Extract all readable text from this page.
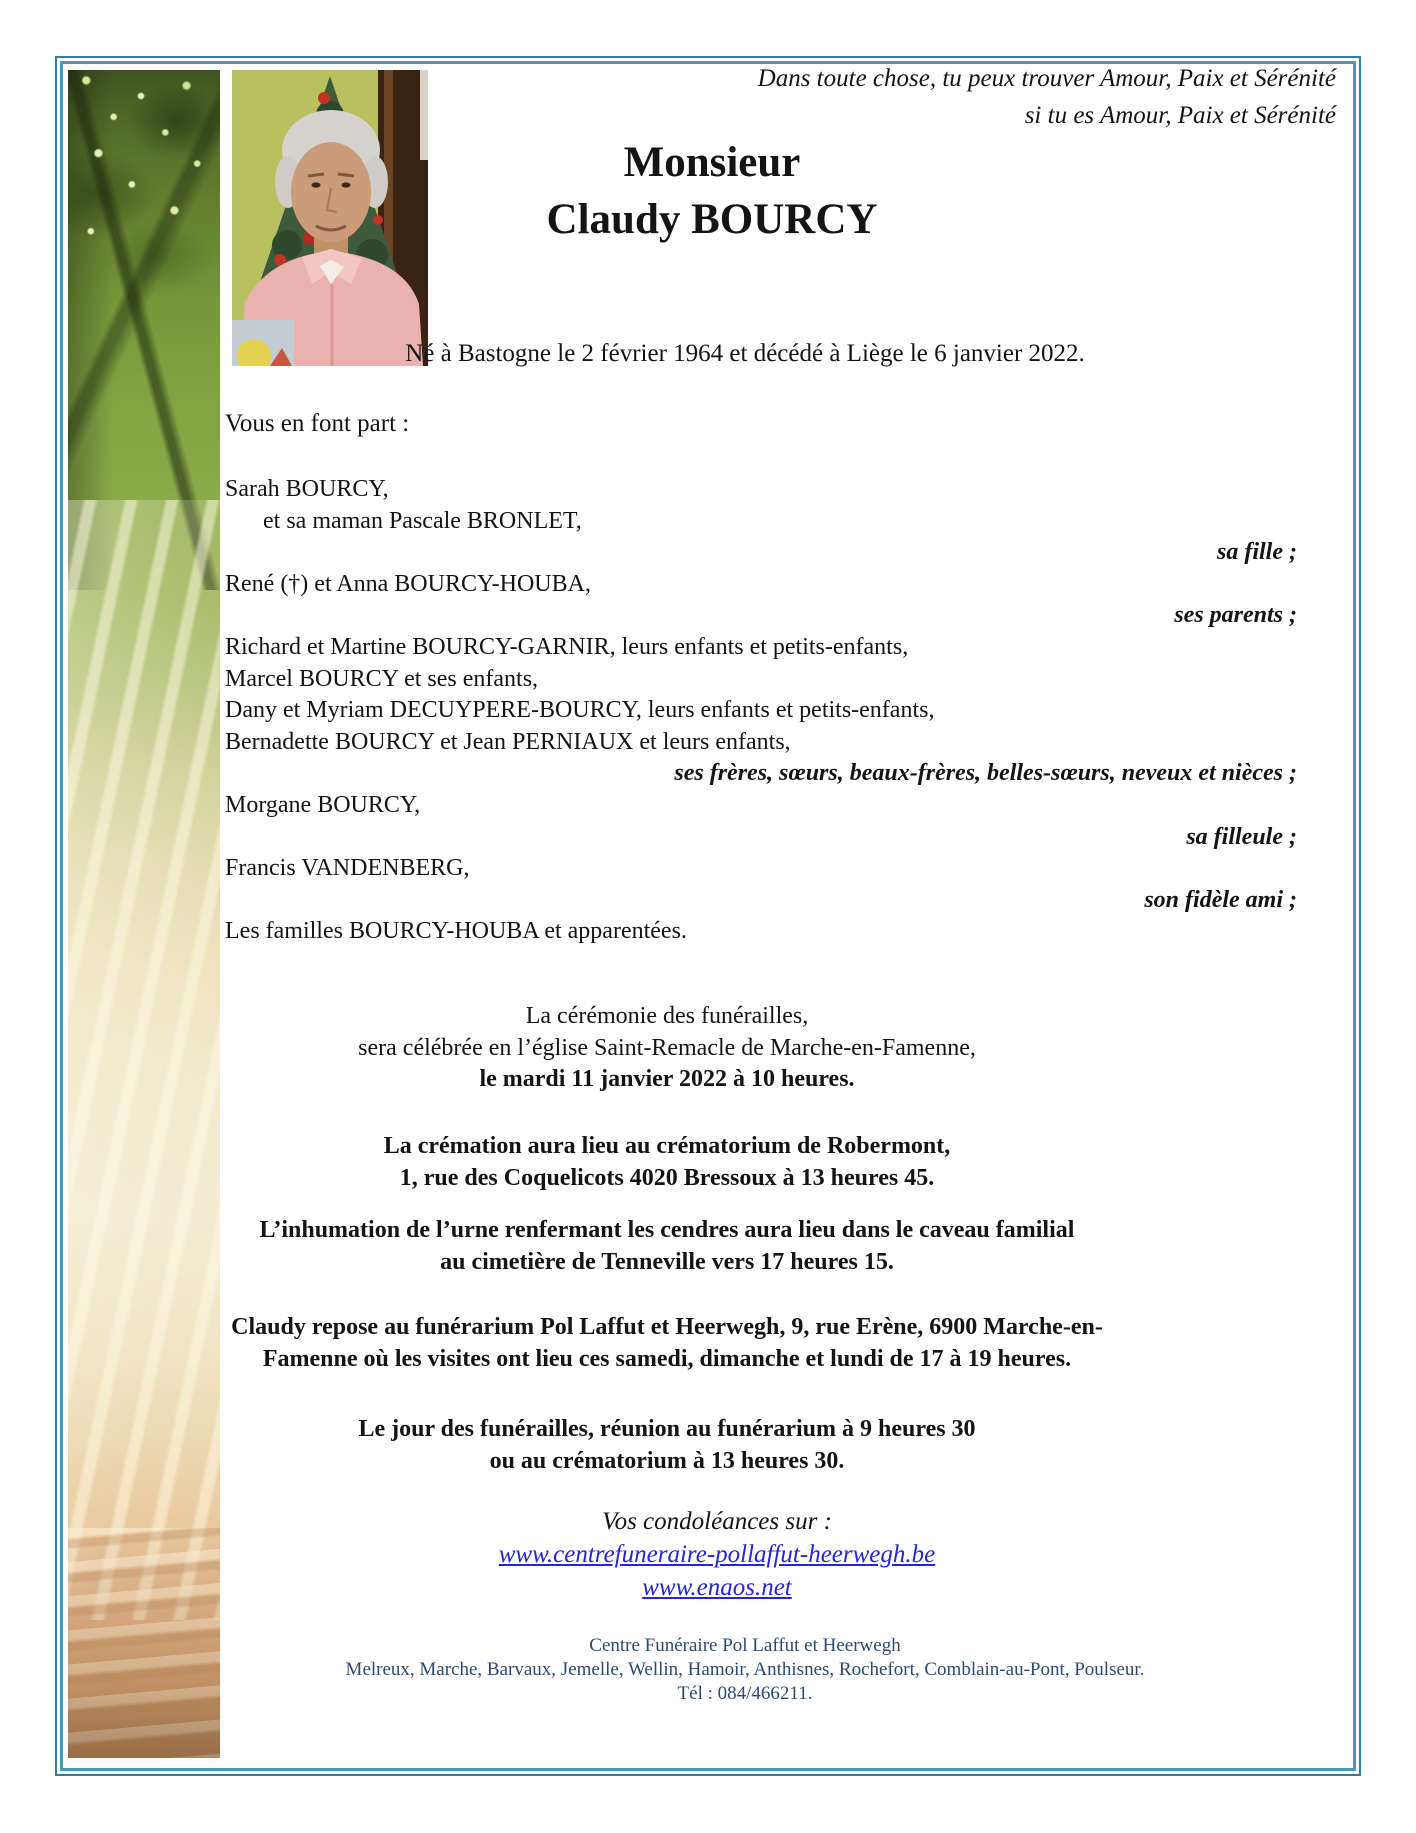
Dans toute chose, tu peux trouver Amour, Paix et Sérénité
si tu es Amour, Paix et Sérénité
Monsieur
Claudy BOURCY
Né à Bastogne le 2 février 1964 et décédé à Liège le 6 janvier 2022.
Vous en font part :
Sarah BOURCY,
et sa maman Pascale BRONLET,
sa fille ;
René (†) et Anna BOURCY-HOUBA,
ses parents ;
Richard et Martine BOURCY-GARNIR, leurs enfants et petits-enfants,
Marcel BOURCY et ses enfants,
Dany et Myriam DECUYPERE-BOURCY, leurs enfants et petits-enfants,
Bernadette BOURCY et Jean PERNIAUX et leurs enfants,
ses frères, sœurs, beaux-frères, belles-sœurs, neveux et nièces ;
Morgane BOURCY,
sa filleule ;
Francis VANDENBERG,
son fidèle ami ;
Les familles BOURCY-HOUBA et apparentées.
La cérémonie des funérailles,
sera célébrée en l’église Saint-Remacle de Marche-en-Famenne,
le mardi 11 janvier 2022 à 10 heures.
La crémation aura lieu au crématorium de Robermont,
1, rue des Coquelicots 4020 Bressoux à 13 heures 45.
L’inhumation de l’urne renfermant les cendres aura lieu dans le caveau familial
au cimetière de Tenneville vers 17 heures 15.
Claudy repose au funérarium Pol Laffut et Heerwegh, 9, rue Erène, 6900 Marche-en-
Famenne où les visites ont lieu ces samedi, dimanche et lundi de 17 à 19 heures.
Le jour des funérailles, réunion au funérarium à 9 heures 30
ou au crématorium à 13 heures 30.
Vos condoléances sur :
www.centrefuneraire-pollaffut-heerwegh.be
www.enaos.net
Centre Funéraire Pol Laffut et Heerwegh
Melreux, Marche, Barvaux, Jemelle, Wellin, Hamoir, Anthisnes, Rochefort, Comblain-au-Pont, Poulseur.
Tél : 084/466211.
